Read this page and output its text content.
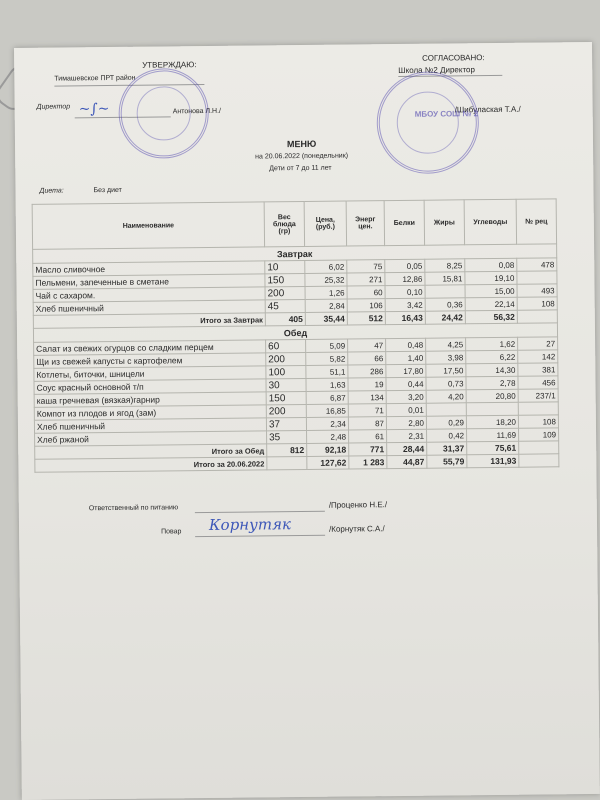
УТВЕРЖДАЮ:
Тимашевское ПРТ район
Директор
Антонова Л.Н./
~∫~
СОГЛАСОВАНО:
Школа №2 Директор
/Шибулаская Т.А./
МБОУ СОШ № 2
МЕНЮ
на 20.06.2022 (понедельник)
Дети от 7 до 11 лет
Диета:	Без диет
Наименование	Вес блюда (гр)	Цена, (руб.)	Энерг цен.	Белки	Жиры	Углеводы	№ рец
Завтрак							
Масло сливочное	10	6,02	75	0,05	8,25	0,08	478
Пельмени, запеченные в сметане	150	25,32	271	12,86	15,81	19,10	
Чай с сахаром.	200	1,26	60	0,10		15,00	493
Хлеб пшеничный	45	2,84	106	3,42	0,36	22,14	108
Итого за Завтрак	405	35,44	512	16,43	24,42	56,32	
Обед							
Салат из свежих огурцов со сладким перцем	60	5,09	47	0,48	4,25	1,62	27
Щи из свежей капусты с картофелем	200	5,82	66	1,40	3,98	6,22	142
Котлеты, биточки, шницели	100	51,1	286	17,80	17,50	14,30	381
Соус красный основной т/п	30	1,63	19	0,44	0,73	2,78	456
каша гречневая (вязкая)гарнир	150	6,87	134	3,20	4,20	20,80	237/1
Компот из плодов и ягод (зам)	200	16,85	71	0,01			
Хлеб пшеничный	37	2,34	87	2,80	0,29	18,20	108
Хлеб ржаной	35	2,48	61	2,31	0,42	11,69	109
Итого за Обед	812	92,18	771	28,44	31,37	75,61	
Итого за 20.06.2022		127,62	1 283	44,87	55,79	131,93	
Ответственный по питанию	/Проценко Н.Е./
Повар Корнутяк	/Корнутяк С.А./
